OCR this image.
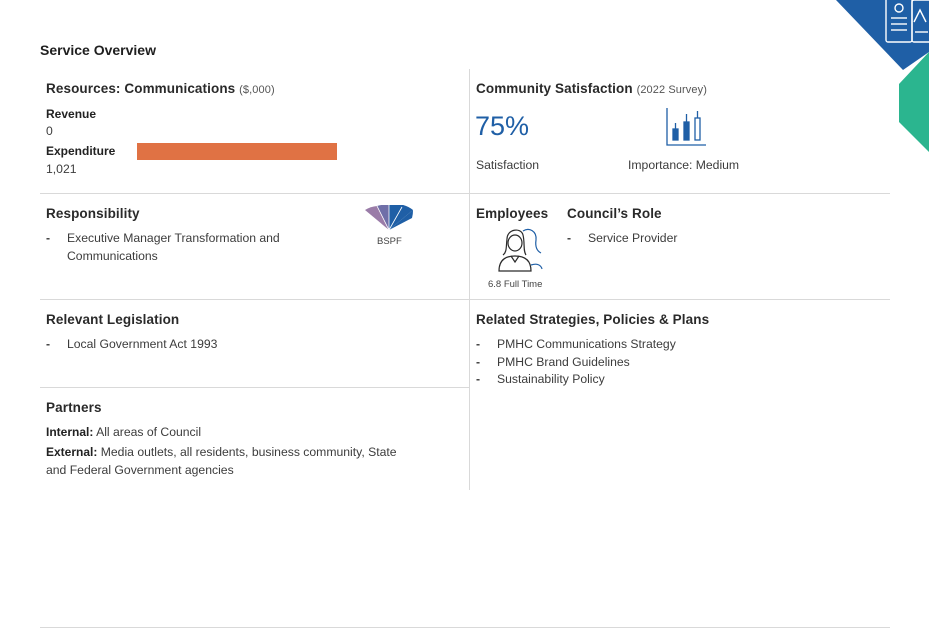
Service Overview
Resources: Communications ($,000)
Revenue
0
Expenditure
1,021
Community Satisfaction (2022 Survey)
75%
Satisfaction	Importance: Medium
Responsibility
- Executive Manager Transformation and Communications
BSPF
Employees
6.8 Full Time
Council’s Role
- Service Provider
Relevant Legislation
- Local Government Act 1993
Related Strategies, Policies & Plans
- PMHC Communications Strategy
- PMHC Brand Guidelines
- Sustainability Policy
Partners
Internal: All areas of Council
External: Media outlets, all residents, business community, State and Federal Government agencies
